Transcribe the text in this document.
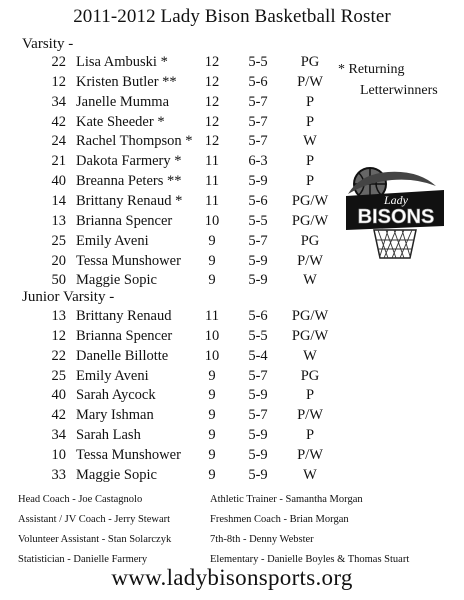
2011-2012 Lady Bison Basketball Roster
Varsity -
22 Lisa Ambuski *	12	5-5	PG
12 Kristen Butler **	12	5-6	P/W
34 Janelle Mumma	12	5-7	P
42 Kate Sheeder *	12	5-7	P
24 Rachel Thompson * 12	5-7	W
21 Dakota Farmery *	11	6-3	P
40 Breanna Peters **	11	5-9	P
14 Brittany Renaud *	11	5-6	PG/W
13 Brianna Spencer	10	5-5	PG/W
25 Emily Aveni	9	5-7	PG
20 Tessa Munshower	9	5-9	P/W
50 Maggie Sopic	9	5-9	W
Junior Varsity -
13 Brittany Renaud	11	5-6	PG/W
12 Brianna Spencer	10	5-5	PG/W
22 Danelle Billotte	10	5-4	W
25 Emily Aveni	9	5-7	PG
40 Sarah Aycock	9	5-9	P
42 Mary Ishman	9	5-7	P/W
34 Sarah Lash	9	5-9	P
10 Tessa Munshower	9	5-9	P/W
33 Maggie Sopic	9	5-9	W
* Returning
Letterwinners
Lady
BISONS
Head Coach - Joe Castagnolo
Assistant / JV Coach - Jerry Stewart
Volunteer Assistant - Stan Solarczyk
Statistician - Danielle Farmery
Athletic Trainer - Samantha Morgan
Freshmen Coach - Brian Morgan
7th-8th - Denny Webster
Elementary - Danielle Boyles & Thomas Stuart
www.ladybisonsports.org
